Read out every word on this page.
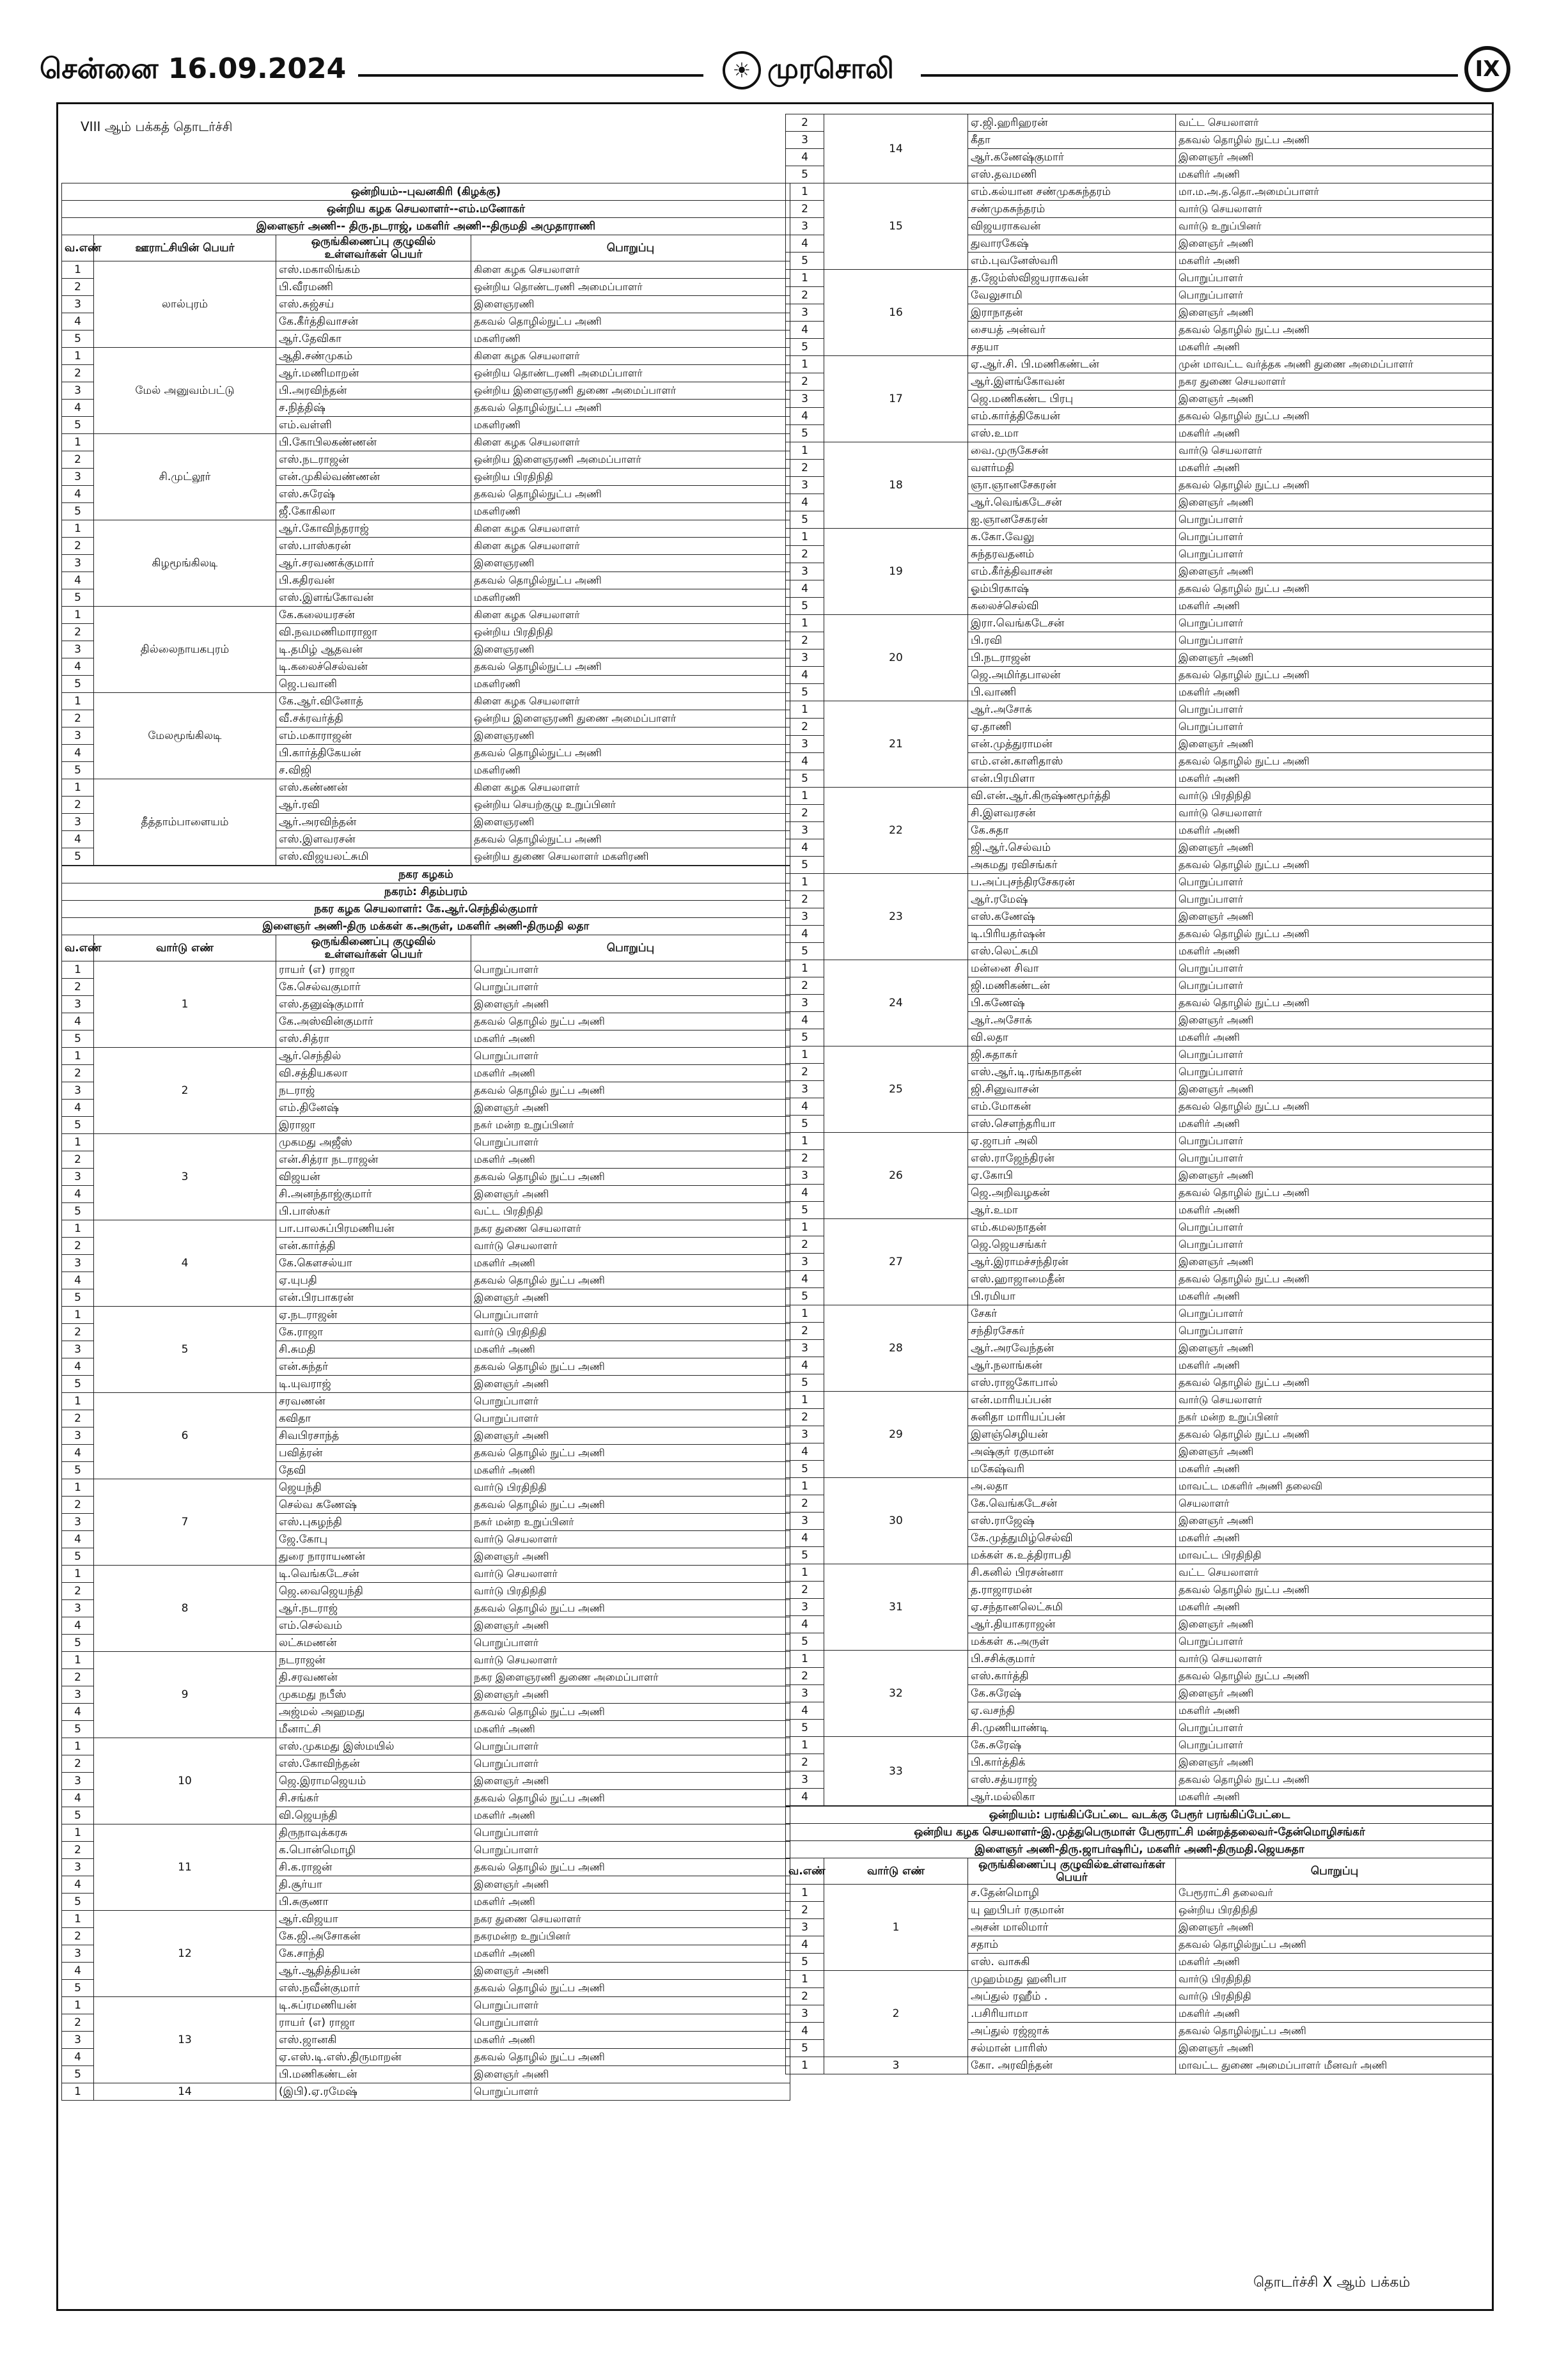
சென்னை 16.09.2024	☀ முரசொலி	IX
VIII ஆம் பக்கத் தொடர்ச்சி
ஒன்றியம்--புவனகிரி (கிழக்கு)			
ஒன்றிய கழக செயலாளர்--எம்.மனோகர்			
இளைஞர் அணி-- திரு.நடராஜ், மகளிர் அணி--திருமதி அமுதாராணி			
வ.எண்	ஊராட்சியின் பெயர்	ஒருங்கிணைப்பு குழுவில் உள்ளவர்கள் பெயர்	பொறுப்பு
1	லால்புரம்	எஸ்.மகாலிங்கம்	கிளை கழக செயலாளர்
2		பி.வீரமணி	ஒன்றிய தொண்டரணி அமைப்பாளர்
3		எஸ்.சுஜ்சய்	இளைஞரணி
4		கே.கீர்த்திவாசன்	தகவல் தொழில்நுட்ப அணி
5		ஆர்.தேவிகா	மகளிரணி
1	மேல் அனுவம்பட்டு	ஆதி.சண்முகம்	கிளை கழக செயலாளர்
2		ஆர்.மணிமாறன்	ஒன்றிய தொண்டரணி அமைப்பாளர்
3		பி.அரவிந்தன்	ஒன்றிய இளைஞரணி துணை அமைப்பாளர்
4		ச.நித்திஷ்	தகவல் தொழில்நுட்ப அணி
5		எம்.வள்ளி	மகளிரணி
1	சி.முட்லூர்	பி.கோபிலகண்ணன்	கிளை கழக செயலாளர்
2		எஸ்.நடராஜன்	ஒன்றிய இளைஞரணி அமைப்பாளர்
3		என்.முகில்வண்ணன்	ஒன்றிய பிரதிநிதி
4		எஸ்.சுரேஷ்	தகவல் தொழில்நுட்ப அணி
5		ஜீ.கோகிலா	மகளிரணி
1	கிழமூங்கிலடி	ஆர்.கோவிந்தராஜ்	கிளை கழக செயலாளர்
2		எஸ்.பாஸ்கரன்	கிளை கழக செயலாளர்
3		ஆர்.சரவணக்குமார்	இளைஞரணி
4		பி.கதிரவன்	தகவல் தொழில்நுட்ப அணி
5		எஸ்.இளங்கோவன்	மகளிரணி
1	தில்லைநாயகபுரம்	கே.கலையரசன்	கிளை கழக செயலாளர்
2		வி.நவமணிமாராஜா	ஒன்றிய பிரதிநிதி
3		டி.தமிழ் ஆதவன்	இளைஞரணி
4		டி.கலைச்செல்வன்	தகவல் தொழில்நுட்ப அணி
5		ஜெ.பவானி	மகளிரணி
1	மேலமூங்கிலடி	கே.ஆர்.வினோத்	கிளை கழக செயலாளர்
2		வீ.சக்ரவர்த்தி	ஒன்றிய இளைஞரணி துணை அமைப்பாளர்
3		எம்.மகாராஜன்	இளைஞரணி
4		பி.கார்த்திகேயன்	தகவல் தொழில்நுட்ப அணி
5		ச.விஜி	மகளிரணி
1	தீத்தாம்பாளையம்	எஸ்.கண்ணன்	கிளை கழக செயலாளர்
2		ஆர்.ரவி	ஒன்றிய செயற்குழு உறுப்பினர்
3		ஆர்.அரவிந்தன்	இளைஞரணி
4		எஸ்.இளவரசன்	தகவல் தொழில்நுட்ப அணி
5		எஸ்.விஜயலட்சுமி	ஒன்றிய துணை செயலாளர் மகளிரணி
நகர கழகம்			
நகரம்: சிதம்பரம்			
நகர கழக செயலாளர்: கே.ஆர்.செந்தில்குமார்			
இளைஞர் அணி-திரு மக்கள் க.அருள், மகளிர் அணி-திருமதி லதா			
வ.எண்	வார்டு எண்	ஒருங்கிணைப்பு குழுவில் உள்ளவர்கள் பெயர்	பொறுப்பு
1	1	ராயர் (எ) ராஜா	பொறுப்பாளர்
2		கே.செல்வகுமார்	பொறுப்பாளர்
3		எஸ்.தனுஷ்குமார்	இளைஞர் அணி
4		கே.அஸ்வின்குமார்	தகவல் தொழில் நுட்ப அணி
5		எஸ்.சித்ரா	மகளிர் அணி
1	2	ஆர்.செந்தில்	பொறுப்பாளர்
2		வி.சத்தியகலா	மகளிர் அணி
3		நடராஜ்	தகவல் தொழில் நுட்ப அணி
4		எம்.தினேஷ்	இளைஞர் அணி
5		இராஜா	நகர் மன்ற உறுப்பினர்
1	3	முகமது அஜீஸ்	பொறுப்பாளர்
2		என்.சித்ரா நடராஜன்	மகளிர் அணி
3		விஜயன்	தகவல் தொழில் நுட்ப அணி
4		சி.அனந்தாஜ்குமார்	இளைஞர் அணி
5		பி.பாஸ்கர்	வட்ட பிரதிநிதி
1	4	பா.பாலசுப்பிரமணியன்	நகர துணை செயலாளர்
2		என்.கார்த்தி	வார்டு செயலாளர்
3		கே.கௌசல்யா	மகளிர் அணி
4		ஏ.யுபதி	தகவல் தொழில் நுட்ப அணி
5		என்.பிரபாகரன்	இளைஞர் அணி
1	5	ஏ.நடராஜன்	பொறுப்பாளர்
2		கே.ராஜா	வார்டு பிரதிநிதி
3		சி.சுமதி	மகளிர் அணி
4		என்.சுந்தர்	தகவல் தொழில் நுட்ப அணி
5		டி.யுவராஜ்	இளைஞர் அணி
1	6	சரவணன்	பொறுப்பாளர்
2		கவிதா	பொறுப்பாளர்
3		சிவபிரசாந்த்	இளைஞர் அணி
4		பவித்ரன்	தகவல் தொழில் நுட்ப அணி
5		தேவி	மகளிர் அணி
1	7	ஜெயந்தி	வார்டு பிரதிநிதி
2		செல்வ கணேஷ்	தகவல் தொழில் நுட்ப அணி
3		எஸ்.புகழந்தி	நகர் மன்ற உறுப்பினர்
4		ஜே.கோபு	வார்டு செயலாளர்
5		துரை நாராயணன்	இளைஞர் அணி
1	8	டி.வெங்கடேசன்	வார்டு செயலாளர்
2		ஜெ.வைஜெயந்தி	வார்டு பிரதிநிதி
3		ஆர்.நடராஜ்	தகவல் தொழில் நுட்ப அணி
4		எம்.செல்வம்	இளைஞர் அணி
5		லட்சுமணன்	பொறுப்பாளர்
1	9	நடராஜன்	வார்டு செயலாளர்
2		தி.சரவணன்	நகர இளைஞரணி துணை அமைப்பாளர்
3		முகமது நபீஸ்	இளைஞர் அணி
4		அஜ்மல் அஹமது	தகவல் தொழில் நுட்ப அணி
5		மீனாட்சி	மகளிர் அணி
1	10	எஸ்.முகமது இஸ்மயில்	பொறுப்பாளர்
2		எஸ்.கோவிந்தன்	பொறுப்பாளர்
3		ஜெ.இராமஜெயம்	இளைஞர் அணி
4		சி.சங்கர்	தகவல் தொழில் நுட்ப அணி
5		வி.ஜெயந்தி	மகளிர் அணி
1	11	திருநாவுக்கரசு	பொறுப்பாளர்
2		க.பொன்மொழி	பொறுப்பாளர்
3		சி.க.ராஜன்	தகவல் தொழில் நுட்ப அணி
4		தி.சூர்யா	இளைஞர் அணி
5		பி.சுகுணா	மகளிர் அணி
1	12	ஆர்.விஜயா	நகர துணை செயலாளர்
2		கே.ஜி.அசோகன்	நகரமன்ற உறுப்பினர்
3		கே.சாந்தி	மகளிர் அணி
4		ஆர்.ஆதித்தியன்	இளைஞர் அணி
5		எஸ்.நவீன்குமார்	தகவல் தொழில் நுட்ப அணி
1	13	டி.சுப்ரமணியன்	பொறுப்பாளர்
2		ராயர் (எ) ராஜா	பொறுப்பாளர்
3		எஸ்.ஜானகி	மகளிர் அணி
4		ஏ.எஸ்.டி.எஸ்.திருமாறன்	தகவல் தொழில் நுட்ப அணி
5		பி.மணிகண்டன்	இளைஞர் அணி
1	14	(இபி).ஏ.ரமேஷ்	பொறுப்பாளர்
2	14	ஏ.ஜி.ஹரிஹரன்	வட்ட செயலாளர்
3		கீதா	தகவல் தொழில் நுட்ப அணி
4		ஆர்.கணேஷ்குமார்	இளைஞர் அணி
5		எஸ்.தவமணி	மகளிர் அணி
1	15	எம்.கல்யான சண்முகசுந்தரம்	மா.ம.அ.த.தொ.அமைப்பாளர்
2		சண்முகசுந்தரம்	வார்டு செயலாளர்
3		விஜயராகவன்	வார்டு உறுப்பினர்
4		துவாரகேஷ்	இளைஞர் அணி
5		எம்.புவனேஸ்வரி	மகளிர் அணி
1	16	த.ஜேம்ஸ்விஜயராகவன்	பொறுப்பாளர்
2		வேலுசாமி	பொறுப்பாளர்
3		இராநாதன்	இளைஞர் அணி
4		சையத் அன்வர்	தகவல் தொழில் நுட்ப அணி
5		சதயா	மகளிர் அணி
1	17	ஏ.ஆர்.சி. பி.மணிகண்டன்	முன் மாவட்ட வர்த்தக அணி துணை அமைப்பாளர்
2		ஆர்.இளங்கோவன்	நகர துணை செயலாளர்
3		ஜெ.மணிகண்ட பிரபு	இளைஞர் அணி
4		எம்.கார்த்திகேயன்	தகவல் தொழில் நுட்ப அணி
5		எஸ்.உமா	மகளிர் அணி
1	18	வை.முருகேசன்	வார்டு செயலாளர்
2		வளர்மதி	மகளிர் அணி
3		ஞா.ஞானசேகரன்	தகவல் தொழில் நுட்ப அணி
4		ஆர்.வெங்கடேசன்	இளைஞர் அணி
5		ஐ.ஞானசேகரன்	பொறுப்பாளர்
1	19	க.கோ.வேலு	பொறுப்பாளர்
2		சுந்தரவதனம்	பொறுப்பாளர்
3		எம்.கீர்த்திவாசன்	இளைஞர் அணி
4		ஓம்பிரகாஷ்	தகவல் தொழில் நுட்ப அணி
5		கலைச்செல்வி	மகளிர் அணி
1	20	இரா.வெங்கடேசன்	பொறுப்பாளர்
2		பி.ரவி	பொறுப்பாளர்
3		பி.நடராஜன்	இளைஞர் அணி
4		ஜெ.அமிர்தபாலன்	தகவல் தொழில் நுட்ப அணி
5		பி.வாணி	மகளிர் அணி
1	21	ஆர்.அசோக்	பொறுப்பாளர்
2		ஏ.தாணி	பொறுப்பாளர்
3		என்.முத்துராமன்	இளைஞர் அணி
4		எம்.என்.காளிதாஸ்	தகவல் தொழில் நுட்ப அணி
5		என்.பிரமிளா	மகளிர் அணி
1	22	வி.என்.ஆர்.கிருஷ்ணமூர்த்தி	வார்டு பிரதிநிதி
2		சி.இளவரசன்	வார்டு செயலாளர்
3		கே.சுதா	மகளிர் அணி
4		ஜி.ஆர்.செல்வம்	இளைஞர் அணி
5		அகமது ரவிசங்கர்	தகவல் தொழில் நுட்ப அணி
1	23	ப.அப்புசந்திரசேகரன்	பொறுப்பாளர்
2		ஆர்.ரமேஷ்	பொறுப்பாளர்
3		எஸ்.கணேஷ்	இளைஞர் அணி
4		டி.பிரியதர்ஷன்	தகவல் தொழில் நுட்ப அணி
5		எஸ்.லெட்சுமி	மகளிர் அணி
1	24	மன்னை சிவா	பொறுப்பாளர்
2		ஜி.மணிகண்டன்	பொறுப்பாளர்
3		பி.கணேஷ்	தகவல் தொழில் நுட்ப அணி
4		ஆர்.அசோக்	இளைஞர் அணி
5		வி.லதா	மகளிர் அணி
1	25	ஜி.சுதாகர்	பொறுப்பாளர்
2		எஸ்.ஆர்.டி.ரங்கநாதன்	பொறுப்பாளர்
3		ஜி.சினுவாசன்	இளைஞர் அணி
4		எம்.மோகன்	தகவல் தொழில் நுட்ப அணி
5		எஸ்.சௌந்தரியா	மகளிர் அணி
1	26	ஏ.ஜாபர் அலி	பொறுப்பாளர்
2		எஸ்.ராஜேந்திரன்	பொறுப்பாளர்
3		ஏ.கோபி	இளைஞர் அணி
4		ஜெ.அறிவழகன்	தகவல் தொழில் நுட்ப அணி
5		ஆர்.உமா	மகளிர் அணி
1	27	எம்.கமலநாதன்	பொறுப்பாளர்
2		ஜெ.ஜெயசங்கர்	பொறுப்பாளர்
3		ஆர்.இராமச்சந்திரன்	இளைஞர் அணி
4		எஸ்.ஹாஜாமைதீன்	தகவல் தொழில் நுட்ப அணி
5		பி.ரமியா	மகளிர் அணி
1	28	சேகர்	பொறுப்பாளர்
2		சந்திரசேகர்	பொறுப்பாளர்
3		ஆர்.அரவேந்தன்	இளைஞர் அணி
4		ஆர்.நலாங்கன்	மகளிர் அணி
5		எஸ்.ராஜகோபால்	தகவல் தொழில் நுட்ப அணி
1	29	என்.மாரியப்பன்	வார்டு செயலாளர்
2		சுனிதா மாரியப்பன்	நகர் மன்ற உறுப்பினர்
3		இளஞ்செழியன்	தகவல் தொழில் நுட்ப அணி
4		அஷ்குர் ரகுமான்	இளைஞர் அணி
5		மகேஷ்வரி	மகளிர் அணி
1	30	அ.லதா	மாவட்ட மகளிர் அணி தலைவி
2		கே.வெங்கடேசன்	செயலாளர்
3		எஸ்.ராஜேஷ்	இளைஞர் அணி
4		கே.முத்துமிழ்செல்வி	மகளிர் அணி
5		மக்கள் க.உத்திராபதி	மாவட்ட பிரதிநிதி
1	31	சி.கனில் பிரசன்னா	வட்ட செயலாளர்
2		த.ராஜாரமன்	தகவல் தொழில் நுட்ப அணி
3		ஏ.சந்தானலெட்சுமி	மகளிர் அணி
4		ஆர்.தியாகராஜன்	இளைஞர் அணி
5		மக்கள் க.அருள்	பொறுப்பாளர்
1	32	பி.சசிக்குமார்	வார்டு செயலாளர்
2		எஸ்.கார்த்தி	தகவல் தொழில் நுட்ப அணி
3		கே.சுரேஷ்	இளைஞர் அணி
4		ஏ.வசந்தி	மகளிர் அணி
5		சி.முணியாண்டி	பொறுப்பாளர்
1	33	கே.சுரேஷ்	பொறுப்பாளர்
2		பி.கார்த்திக்	இளைஞர் அணி
3		எஸ்.சத்யராஜ்	தகவல் தொழில் நுட்ப அணி
4		ஆர்.மல்லிகா	மகளிர் அணி
ஒன்றியம்: பரங்கிப்பேட்டை வடக்கு பேரூர் பரங்கிப்பேட்டை			
ஒன்றிய கழக செயலாளர்-இ.முத்துபெருமாள் பேரூராட்சி மன்றத்தலைவர்-தேன்மொழிசங்கர்			
இளைஞர் அணி-திரு.ஜாபர்ஷரிப், மகளிர் அணி-திருமதி.ஜெயசுதா			
வ.எண்	வார்டு எண்	ஒருங்கிணைப்பு குழுவில்உள்ளவர்கள் பெயர்	பொறுப்பு
1	1	ச.தேன்மொழி	பேரூராட்சி தலைவர்
2		யு ஹபிபர் ரகுமான்	ஒன்றிய பிரதிநிதி
3		அசன் மாலிமார்	இளைஞர் அணி
4		சதாம்	தகவல் தொழில்நுட்ப அணி
5		எஸ். வாசுகி	மகளிர் அணி
1	2	முஹம்மது ஹனிபா	வார்டு பிரதிநிதி
2		அப்துல் ரஹீம் .	வார்டு பிரதிநிதி
3		.பசிரியாமா	மகளிர் அணி
4		அப்துல் ரஜ்ஜாக்	தகவல் தொழில்நுட்ப அணி
5		சல்மான் பாரிஸ்	இளைஞர் அணி
1	3	கோ. அரவிந்தன்	மாவட்ட துணை அமைப்பாளர் மீனவர் அணி
தொடர்ச்சி X ஆம் பக்கம்
